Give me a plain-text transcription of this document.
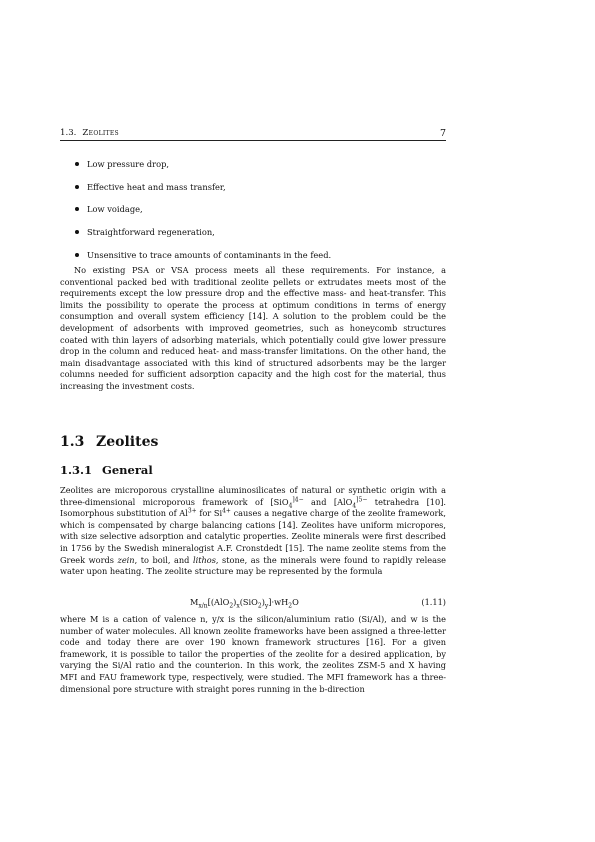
1.3. Zeolites	7
Low pressure drop,
Effective heat and mass transfer,
Low voidage,
Straightforward regeneration,
Unsensitive to trace amounts of contaminants in the feed.

No existing PSA or VSA process meets all these requirements. For instance, a conventional packed bed with traditional zeolite pellets or extrudates meets most of the requirements except the low pressure drop and the effective mass- and heat-transfer. This limits the possibility to operate the process at optimum conditions in terms of energy consumption and overall system efficiency [14]. A solution to the problem could be the development of adsorbents with improved geometries, such as honeycomb structures coated with thin layers of adsorbing materials, which potentially could give lower pressure drop in the column and reduced heat- and mass-transfer limitations. On the other hand, the main disadvantage associated with this kind of structured adsorbents may be the larger columns needed for sufficient adsorption capacity and the high cost for the material, thus increasing the investment costs.

1.3 Zeolites
1.3.1 General

Zeolites are microporous crystalline aluminosilicates of natural or synthetic origin with a three-dimensional microporous framework of [SiO$_4^{]4-}$ and [AlO$_4^{]5-}$ tetrahedra [10]. Isomorphous substitution of $Al^{3+}$ for $Si^{4+}$ causes a negative charge of the zeolite framework, which is compensated by charge balancing cations [14]. Zeolites have uniform micropores, with size selective adsorption and catalytic properties. Zeolite minerals were first described in 1756 by the Swedish mineralogist A.F. Cronstdedt [15]. The name zeolite stems from the Greek words zein, to boil, and lithos, stone, as the minerals were found to rapidly release water upon heating. The zeolite structure may be represented by the formula

$M_{x/n}[(AlO_2)_x(SiO_2)_y]\cdot wH_2O$	(1.11)

where M is a cation of valence n, y/x is the silicon/aluminium ratio (Si/Al), and w is the number of water molecules. All known zeolite frameworks have been assigned a three-letter code and today there are over 190 known framework structures [16]. For a given framework, it is possible to tailor the properties of the zeolite for a desired application, by varying the Si/Al ratio and the counterion. In this work, the zeolites ZSM-5 and X having MFI and FAU framework type, respectively, were studied. The MFI framework has a three-dimensional pore structure with straight pores running in the b-direction
